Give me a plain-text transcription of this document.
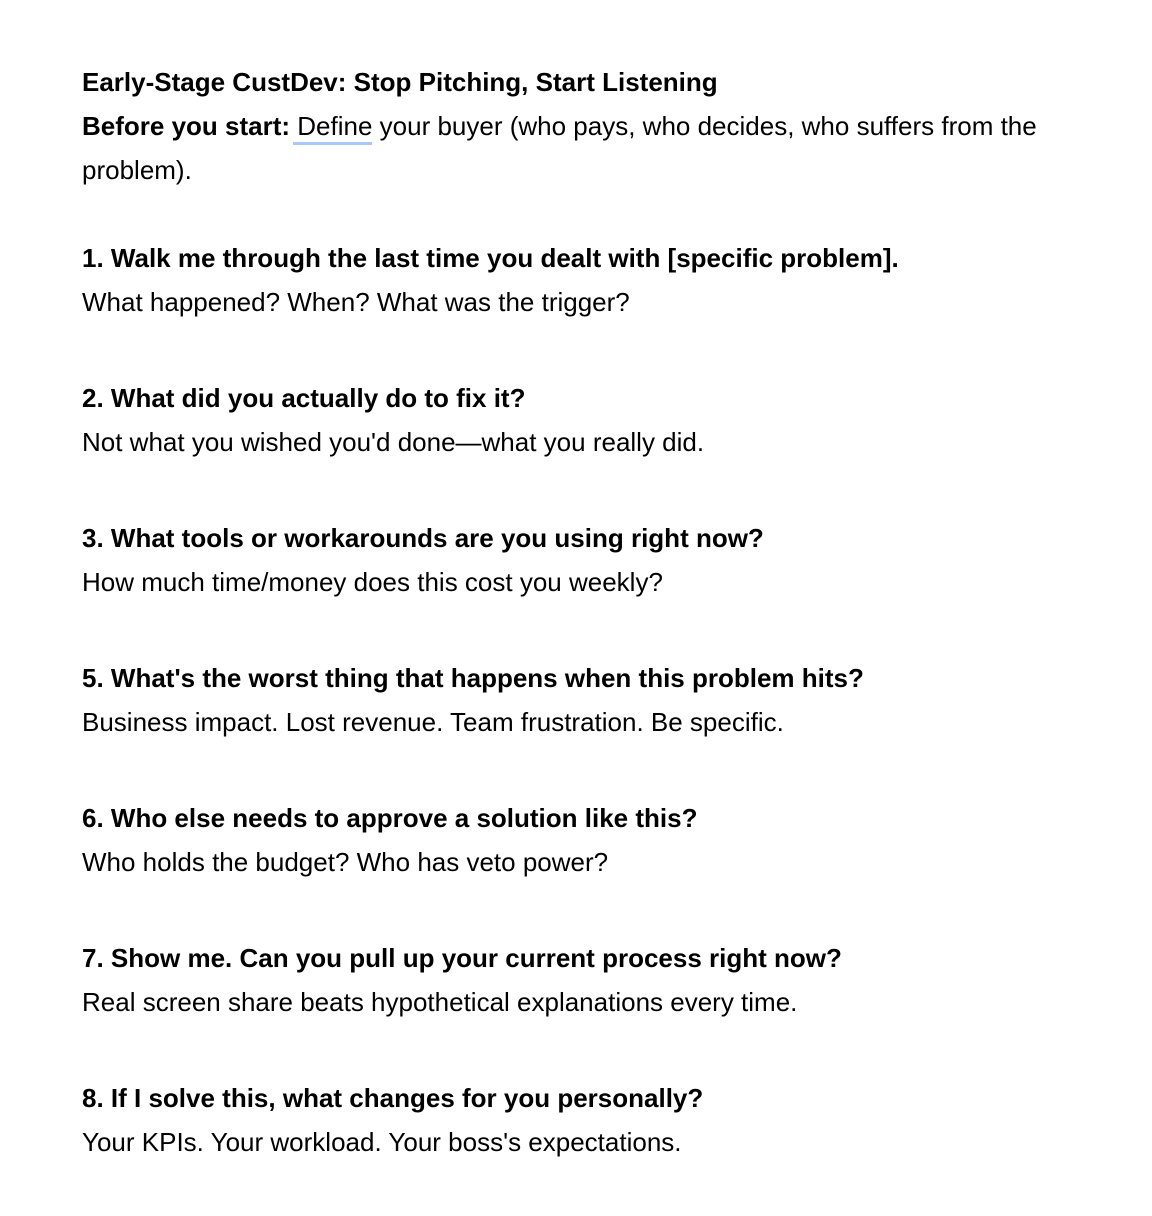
Early-Stage CustDev: Stop Pitching, Start Listening

Before you start: Define your buyer (who pays, who decides, who suffers from the problem).

1. Walk me through the last time you dealt with [specific problem].

What happened? When? What was the trigger?

2. What did you actually do to fix it?

Not what you wished you'd done—what you really did.

3. What tools or workarounds are you using right now?

How much time/money does this cost you weekly?

5. What's the worst thing that happens when this problem hits?

Business impact. Lost revenue. Team frustration. Be specific.

6. Who else needs to approve a solution like this?

Who holds the budget? Who has veto power?

7. Show me. Can you pull up your current process right now?

Real screen share beats hypothetical explanations every time.

8. If I solve this, what changes for you personally?

Your KPIs. Your workload. Your boss's expectations.
